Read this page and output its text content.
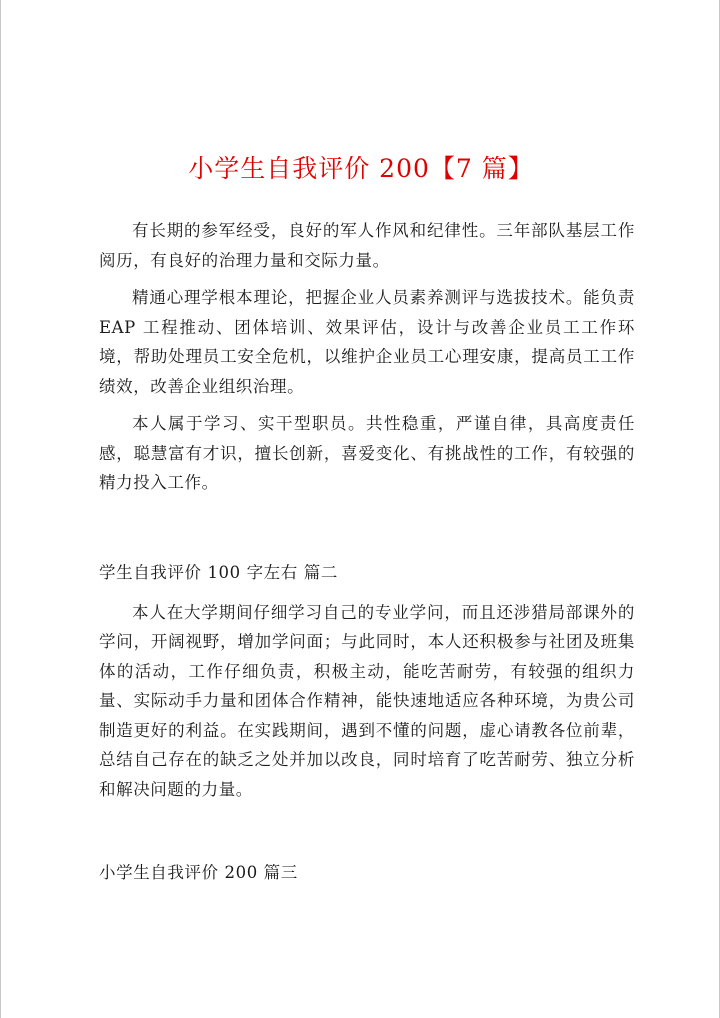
小学生自我评价 200【7 篇】

有长期的参军经受，良好的军人作风和纪律性。三年部队基层工作阅历，有良好的治理力量和交际力量。

精通心理学根本理论，把握企业人员素养测评与选拔技术。能负责 EAP 工程推动、团体培训、效果评估，设计与改善企业员工工作环境，帮助处理员工安全危机，以维护企业员工心理安康，提高员工工作绩效，改善企业组织治理。

本人属于学习、实干型职员。共性稳重，严谨自律，具高度责任感，聪慧富有才识，擅长创新，喜爱变化、有挑战性的工作，有较强的精力投入工作。

学生自我评价 100 字左右 篇二

本人在大学期间仔细学习自己的专业学问，而且还涉猎局部课外的学问，开阔视野，增加学问面；与此同时，本人还积极参与社团及班集体的活动，工作仔细负责，积极主动，能吃苦耐劳，有较强的组织力量、实际动手力量和团体合作精神，能快速地适应各种环境，为贵公司制造更好的利益。在实践期间，遇到不懂的问题，虚心请教各位前辈，总结自己存在的缺乏之处并加以改良，同时培育了吃苦耐劳、独立分析和解决问题的力量。

小学生自我评价 200 篇三
